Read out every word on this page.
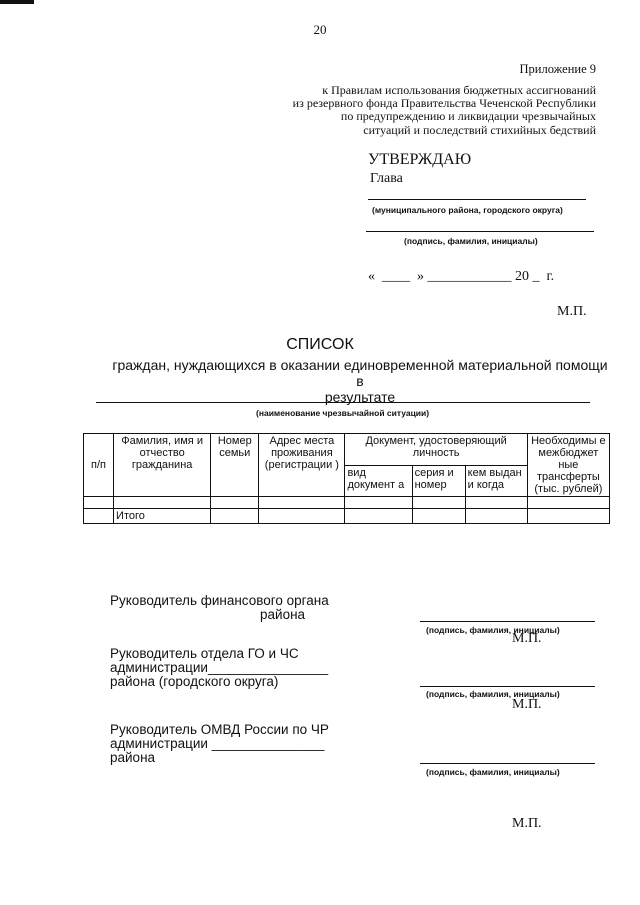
20
Приложение 9
к Правилам использования бюджетных ассигнований
из резервного фонда Правительства Чеченской Республики
по предупреждению и ликвидации чрезвычайных
ситуаций и последствий стихийных бедствий
УТВЕРЖДАЮ
Глава
(муниципального района, городского округа)
(подпись, фамилия, инициалы)
«  ____  » ____________ 20 _  г.
М.П.
СПИСОК
граждан, нуждающихся в оказании единовременной материальной помощи в
результате
(наименование чрезвычайной ситуации)
п/п	Фамилия, имя и отчество гражданина	Номер семьи	Адрес места проживания (регистрации )	Документ, удостоверяющий личность			Необходимы е межбюджет ные трансферты (тыс. рублей)
				вид документ а	серия и номер	кем выдан и когда	

	Итого						
Руководитель финансового органа
района
(подпись, фамилия, инициалы)
М.П.
Руководитель отдела ГО и ЧС
администрации________________
района (городского округа)
(подпись, фамилия, инициалы)
М.П.
Руководитель ОМВД России по ЧР
администрации _______________
района
(подпись, фамилия, инициалы)
М.П.
